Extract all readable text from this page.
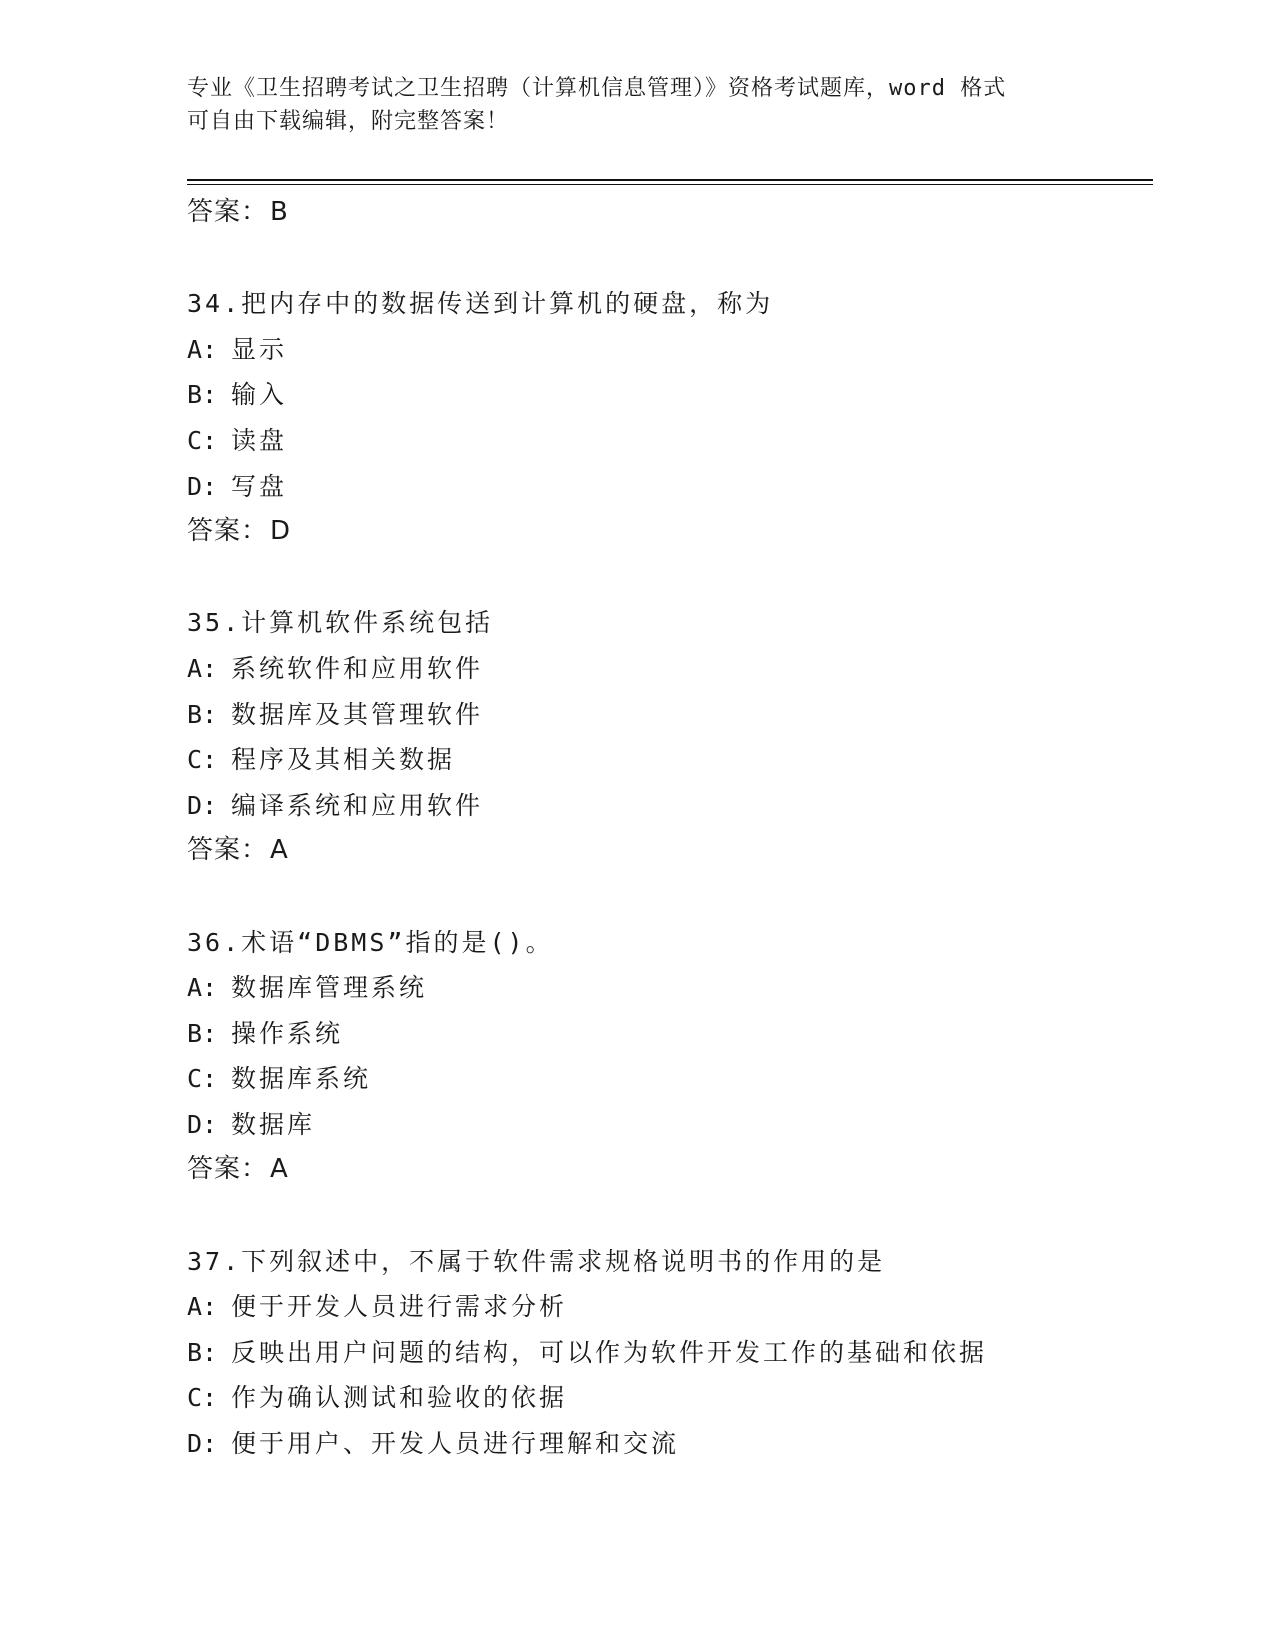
专业《卫生招聘考试之卫生招聘（计算机信息管理）》资格考试题库，word 格式
可自由下载编辑，附完整答案！
答案：B
34.把内存中的数据传送到计算机的硬盘，称为
A: 显示
B: 输入
C: 读盘
D: 写盘
答案：D
35.计算机软件系统包括
A: 系统软件和应用软件
B: 数据库及其管理软件
C: 程序及其相关数据
D: 编译系统和应用软件
答案：A
36.术语“DBMS”指的是()。
A: 数据库管理系统
B: 操作系统
C: 数据库系统
D: 数据库
答案：A
37.下列叙述中，不属于软件需求规格说明书的作用的是
A: 便于开发人员进行需求分析
B: 反映出用户问题的结构，可以作为软件开发工作的基础和依据
C: 作为确认测试和验收的依据
D: 便于用户、开发人员进行理解和交流
